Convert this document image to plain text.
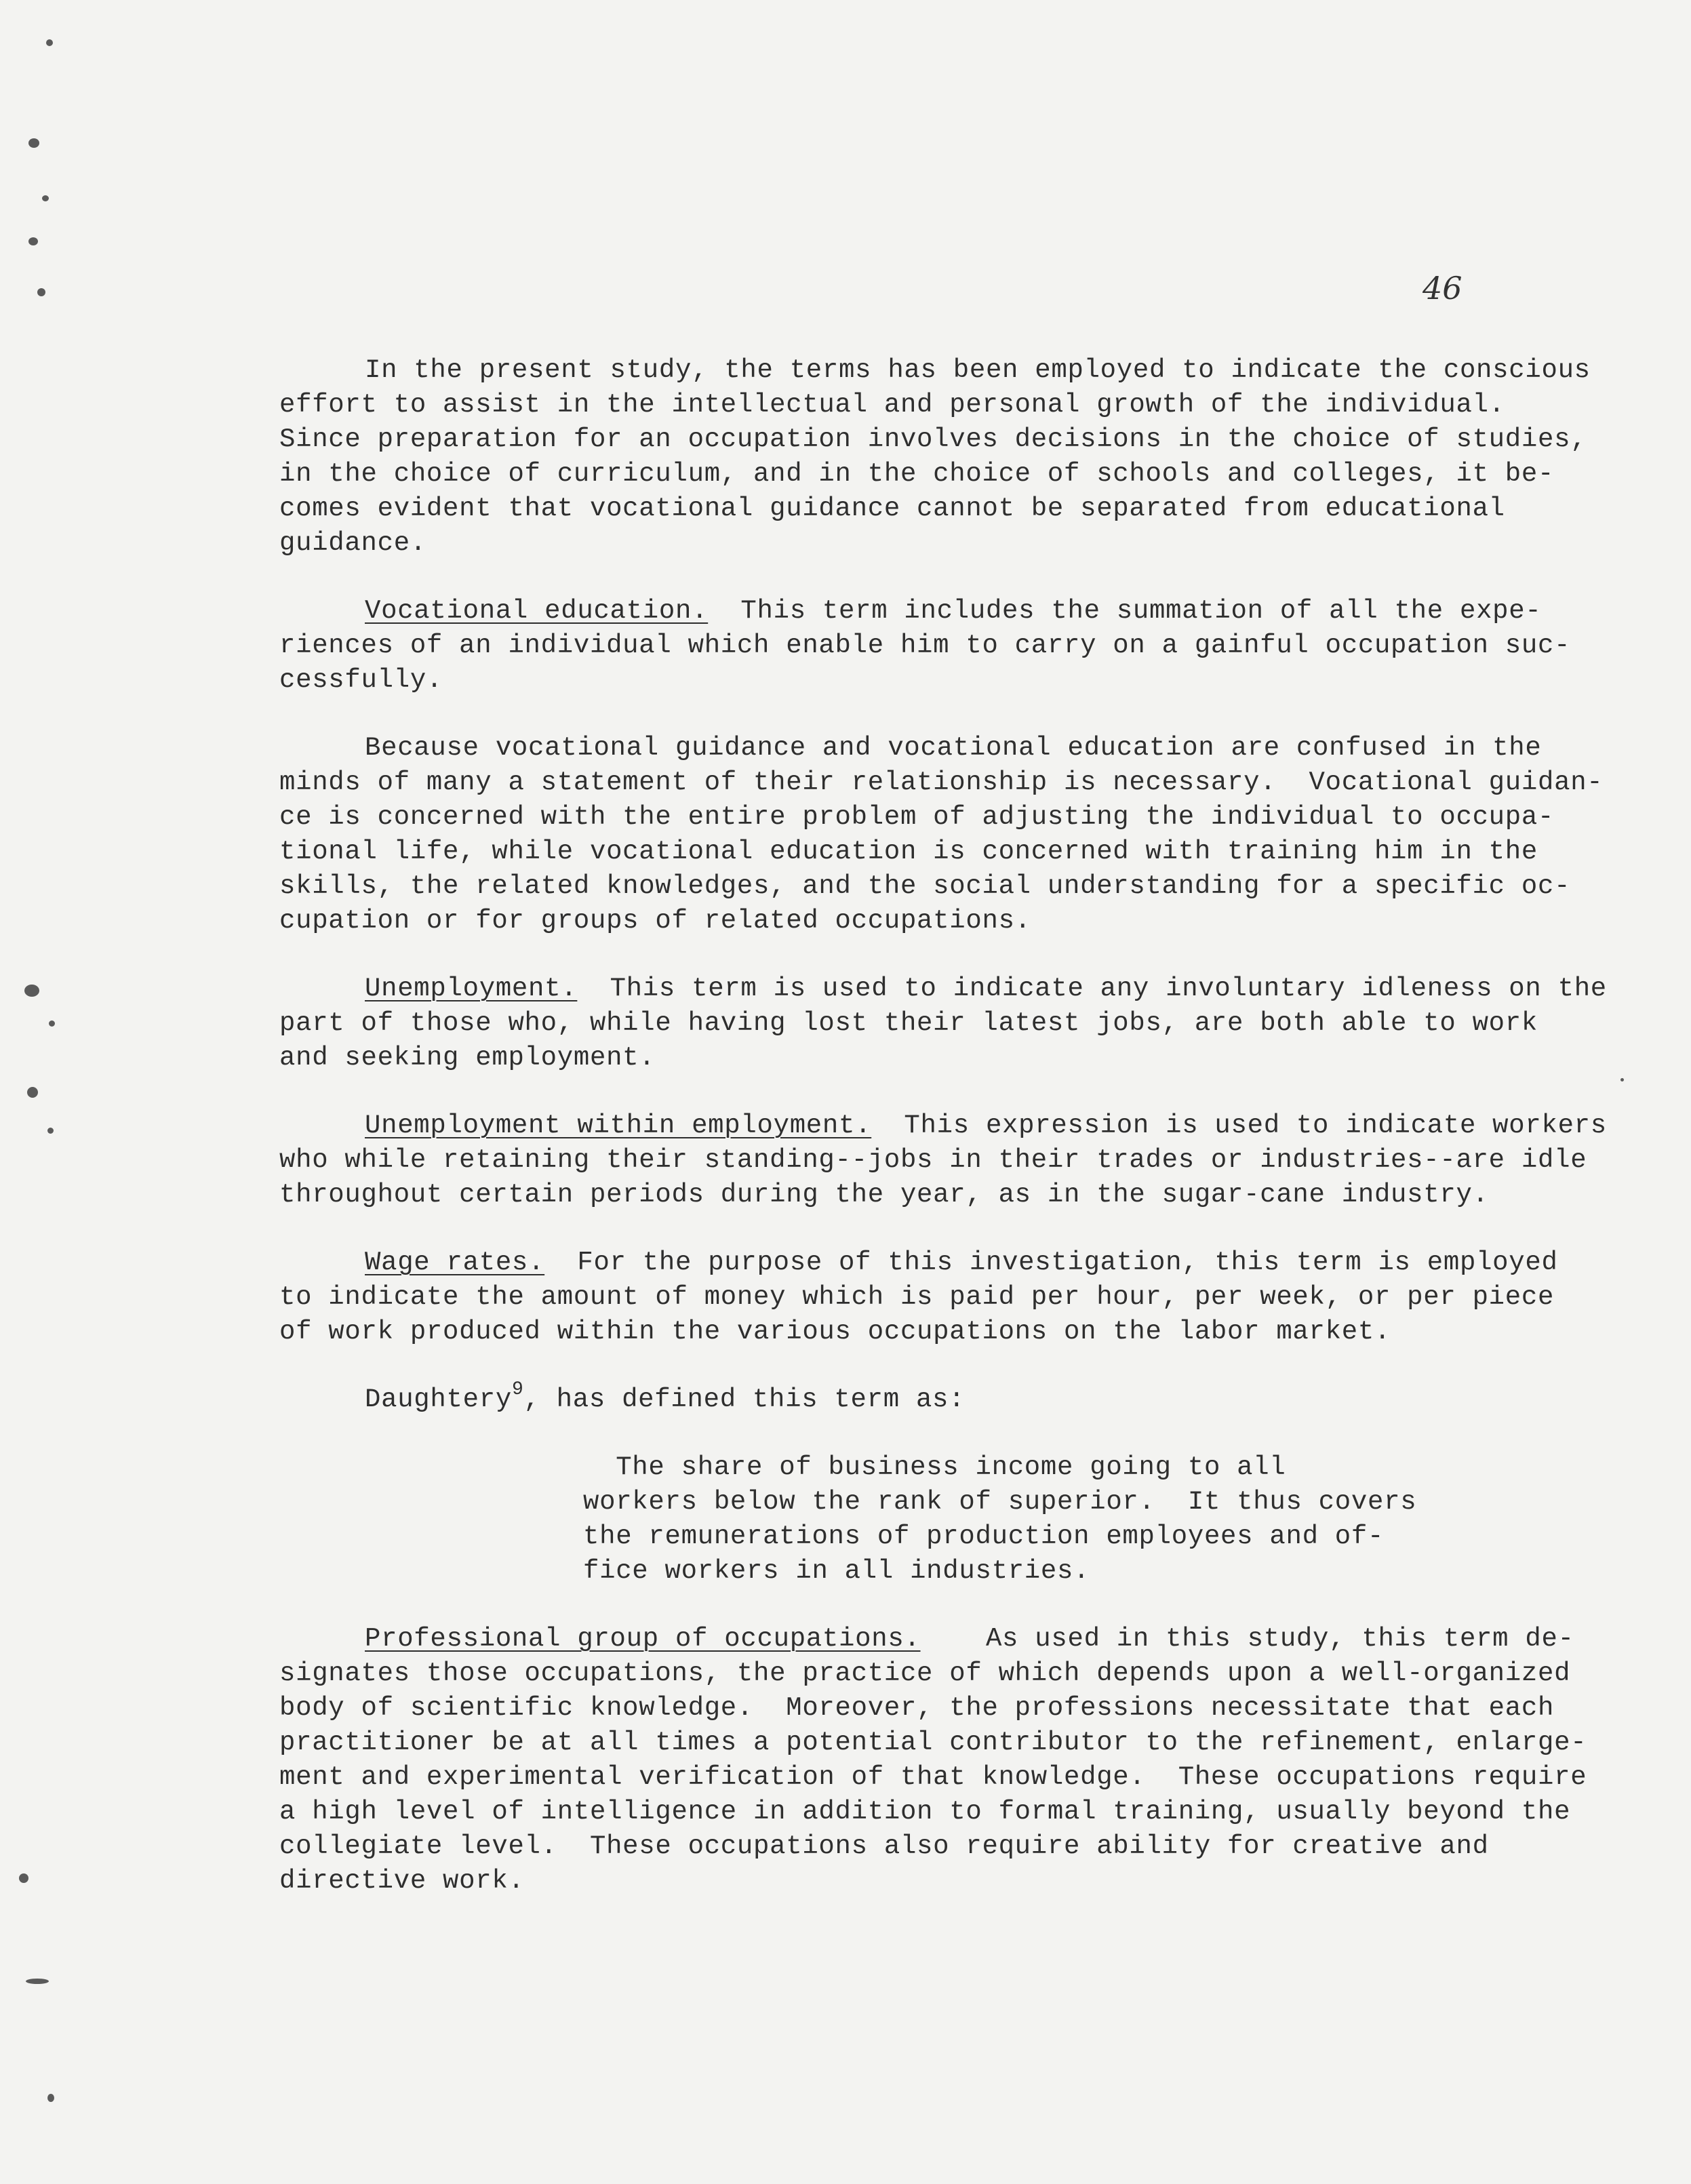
46
In the present study, the terms has been employed to indicate the conscious
effort to assist in the intellectual and personal growth of the individual.
Since preparation for an occupation involves decisions in the choice of studies,
in the choice of curriculum, and in the choice of schools and colleges, it be-
comes evident that vocational guidance cannot be separated from educational
guidance.
Vocational education.  This term includes the summation of all the expe-
riences of an individual which enable him to carry on a gainful occupation suc-
cessfully.
Because vocational guidance and vocational education are confused in the
minds of many a statement of their relationship is necessary.  Vocational guidan-
ce is concerned with the entire problem of adjusting the individual to occupa-
tional life, while vocational education is concerned with training him in the
skills, the related knowledges, and the social understanding for a specific oc-
cupation or for groups of related occupations.
Unemployment.  This term is used to indicate any involuntary idleness on the
part of those who, while having lost their latest jobs, are both able to work
and seeking employment.
Unemployment within employment.  This expression is used to indicate workers
who while retaining their standing--jobs in their trades or industries--are idle
throughout certain periods during the year, as in the sugar-cane industry.
Wage rates.  For the purpose of this investigation, this term is employed
to indicate the amount of money which is paid per hour, per week, or per piece
of work produced within the various occupations on the labor market.
Daughtery$^9$, has defined this term as:
The share of business income going to all
workers below the rank of superior.  It thus covers
the remunerations of production employees and of-
fice workers in all industries.
Professional group of occupations.    As used in this study, this term de-
signates those occupations, the practice of which depends upon a well-organized
body of scientific knowledge.  Moreover, the professions necessitate that each
practitioner be at all times a potential contributor to the refinement, enlarge-
ment and experimental verification of that knowledge.  These occupations require
a high level of intelligence in addition to formal training, usually beyond the
collegiate level.  These occupations also require ability for creative and
directive work.
